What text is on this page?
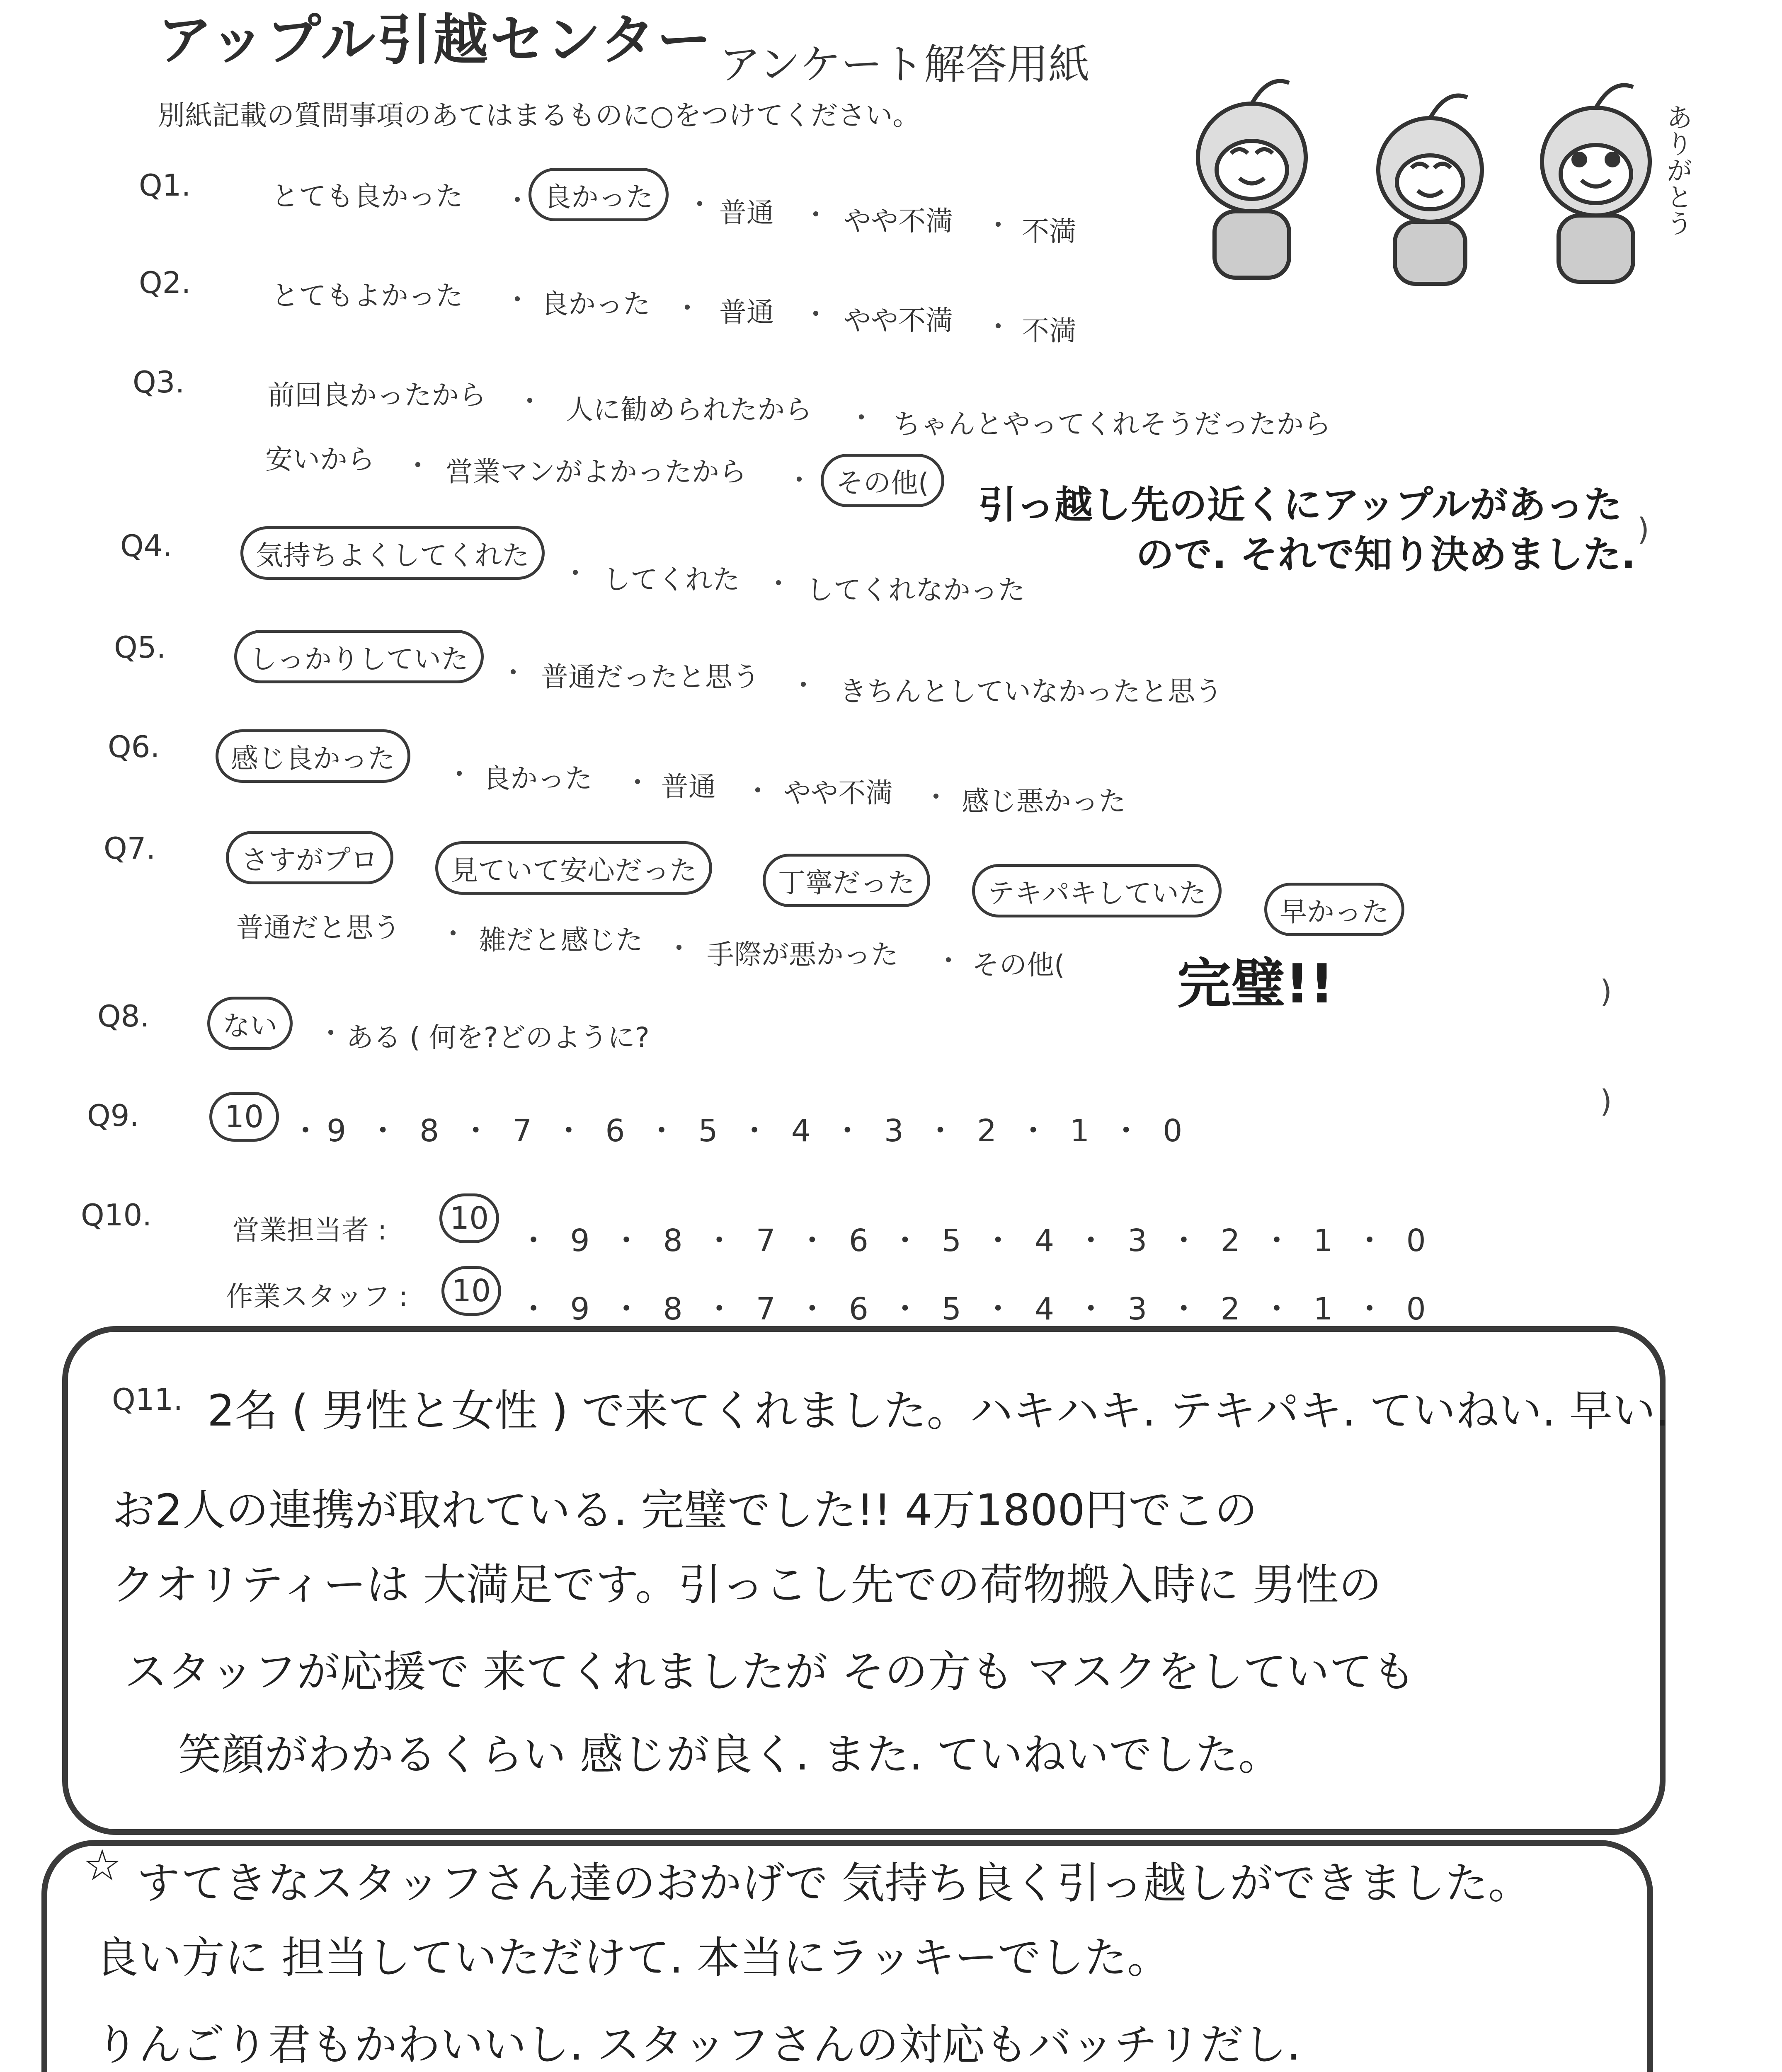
アップル引越センター アンケート解答用紙
別紙記載の質問事項のあてはまるものに○をつけてください。	ありがとう
Q1.	とても良かった ・ 良かった	・ 普通 ・ やや不満 ・ 不満
Q2.	とてもよかった ・ 良かった ・ 普通 ・ やや不満 ・ 不満
Q3.	前回良かったから ・ 人に勧められたから ・ ちゃんとやってくれそうだったから
安いから ・ 営業マンがよかったから ・ その他(	引っ越し先の近くにアップルがあった
ので. それで知り決めました.
)
Q4.	気持ちよくしてくれた
・ してくれた ・ してくれなかった
Q5.	しっかりしていた	・ 普通だったと思う ・ きちんとしていなかったと思う
Q6.	感じ良かった	・ 良かった ・ 普通 ・ やや不満 ・ 感じ悪かった
Q7.	さすがプロ	見ていて安心だった	丁寧だった	テキパキしていた
早かった
普通だと思う ・ 雑だと感じた ・ 手際が悪かった ・ その他( 完璧!!	)
Q8.	ない	・ ある ( 何を?どのように?
)
Q9.	10 ・9 ・ 8 ・ 7 ・ 6 ・ 5 ・ 4 ・ 3 ・ 2 ・ 1 ・ 0
Q10.	営業担当者 :	10
・ 9 ・ 8 ・ 7 ・ 6 ・ 5 ・ 4 ・ 3 ・ 2 ・ 1 ・ 0
作業スタッフ :	10
・ 9 ・ 8 ・ 7 ・ 6 ・ 5 ・ 4 ・ 3 ・ 2 ・ 1 ・ 0
Q11. 2名 ( 男性と女性 ) で来てくれました。ハキハキ. テキパキ. ていねい. 早い.
お2人の連携が取れている. 完璧でした!! 4万1800円でこの
クオリティーは 大満足です。引っこし先での荷物搬入時に 男性の
スタッフが応援で 来てくれましたが その方も マスクをしていても
笑顔がわかるくらい 感じが良く. また. ていねいでした。
☆ すてきなスタッフさん達のおかげで 気持ち良く引っ越しができました。
良い方に 担当していただけて. 本当にラッキーでした。
りんごり君もかわいいし. スタッフさんの対応もバッチリだし.
